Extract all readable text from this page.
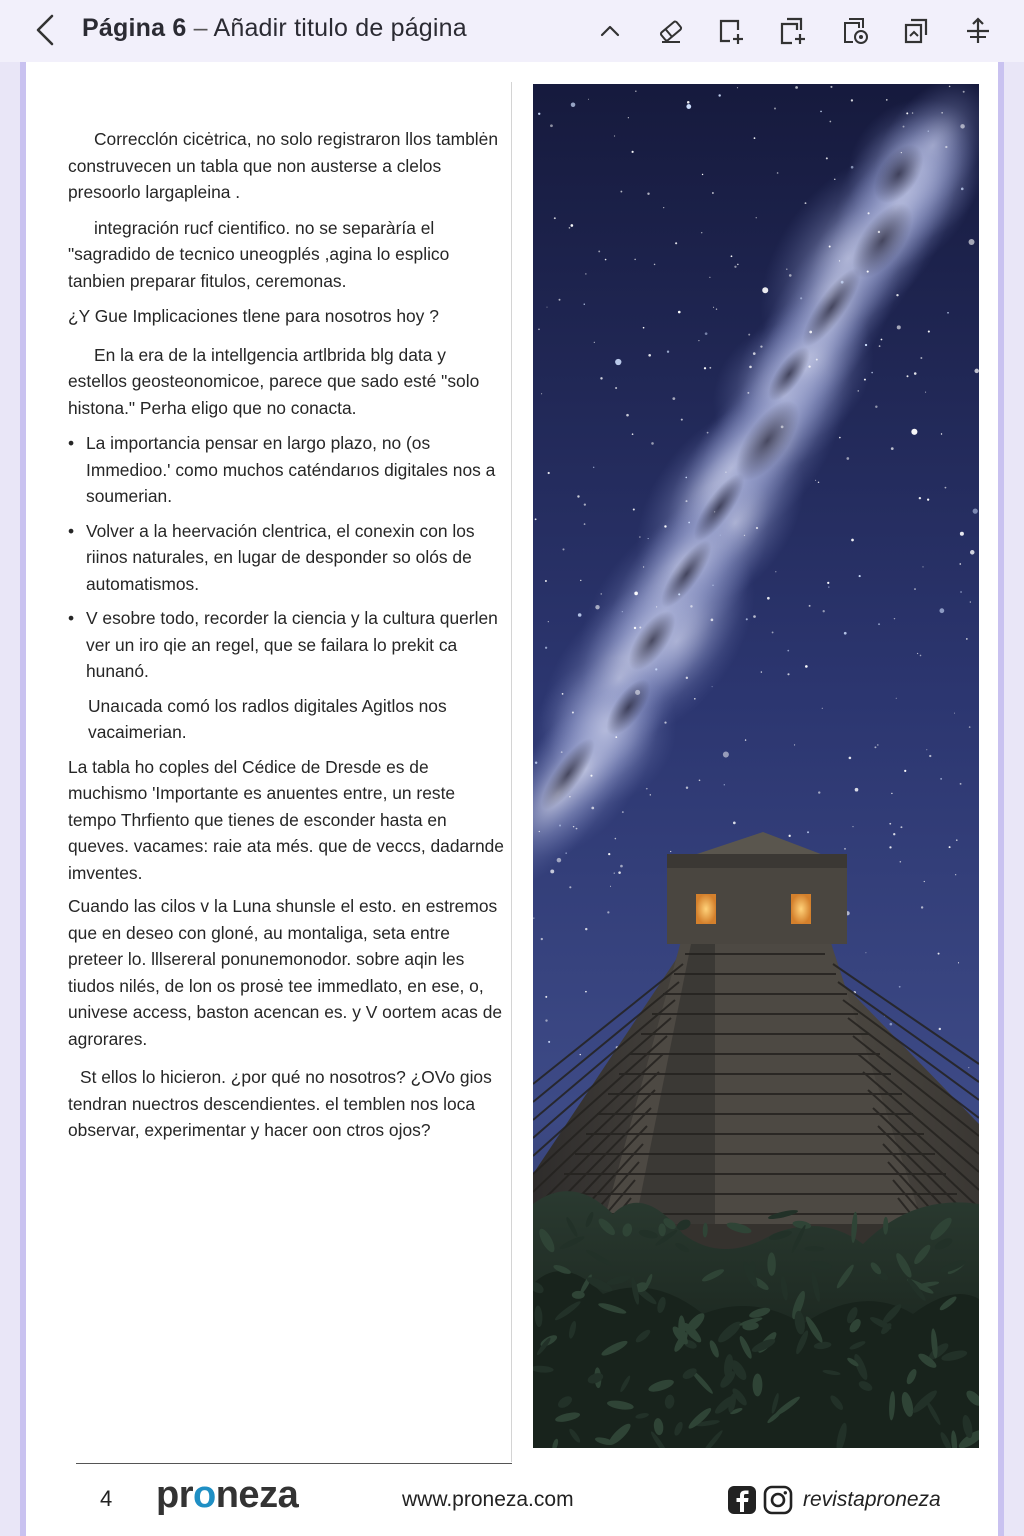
Página 6 – Añadir titulo de página

Correcclón cicėtrica, no solo registraron llos tamblėn construvecen un tabla que non austerse a clelos presoorlo largapleina .

integración rucf cientifico. no se separàría el "sagradido de tecnico uneogplés ,agina lo esplico tanbien preparar fitulos, ceremonas.

¿Y Gue Implicaciones tlene para nosotros hoy ?

En la era de la intellgencia artlbrida blg data y estellos geosteonomicoe, parece que sado esté "solo histona." Perha eligo que no conacta.

• La importancia pensar en largo plazo, no (os Immedioo.' como muchos caténdarıos digitales nos a soumerian.
• Volver a la heervación clentrica, el conexin con los riinos naturales, en lugar de desponder so olós de automatismos.
• V esobre todo, recorder la ciencia y la cultura querlen ver un iro qie an regel, que se failara lo prekit ca hunanó.

Unaıcada comó los radlos digitales Agitlos nos vacaimerian.

La tabla ho coples del Cédice de Dresde es de muchismo 'Importante es anuentes entre, un reste tempo Thrfiento que tienes de esconder hasta en queves. vacames: raie ata més. que de veccs, dadarnde imventes.

Cuando las cilos v la Luna shunsle el esto. en estremos que en deseo con gloné, au montaliga, seta entre preteer lo. lllsereral ponunemonodor. sobre aqin les tiudos nilés, de lon os prosė tee immedlato, en ese, o, univese access, baston acencan es. y V oortem acas de agrorares.

St ellos lo hicieron. ¿por qué no nosotros? ¿OVo gios tendran nuectros descendientes. el temblen nos loca observar, experimentar y hacer oon ctros ojos?

4 proneza	www.proneza.com	revistaproneza
